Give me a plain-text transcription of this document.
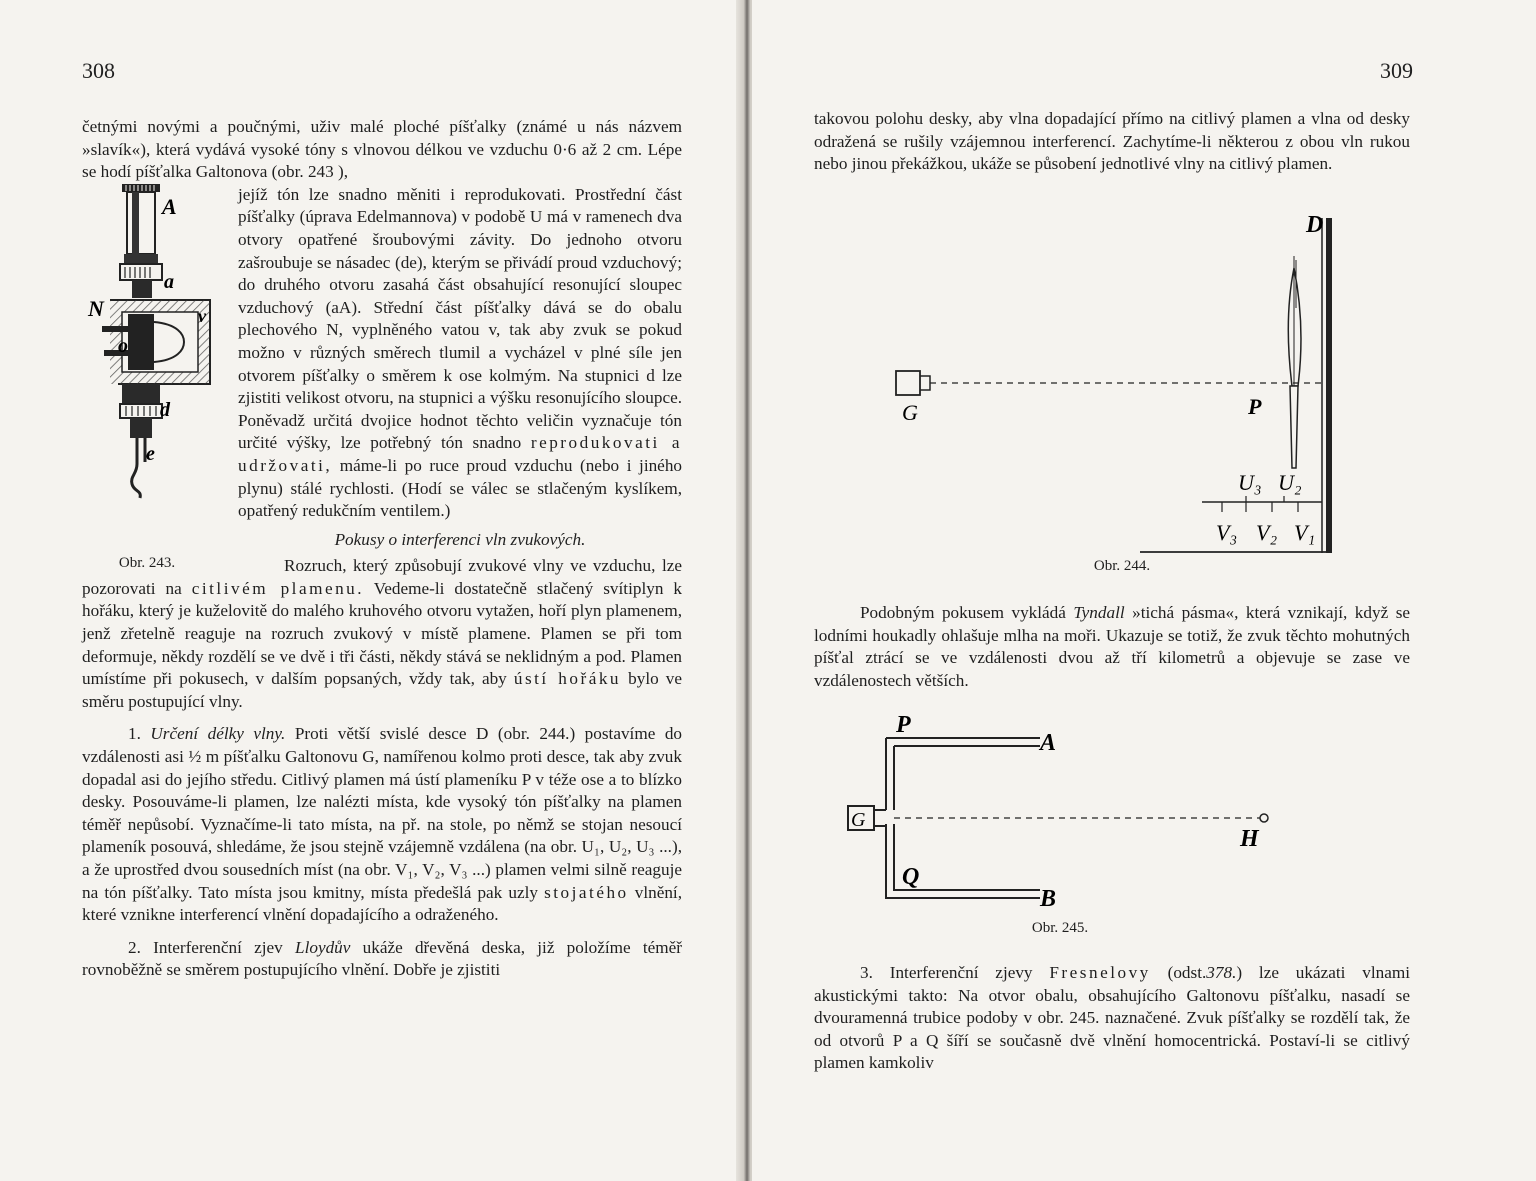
308

četnými novými a poučnými, uživ malé ploché píšťalky (známé u nás názvem »slavík«), která vydává vysoké tóny s vlnovou délkou ve vzduchu 0·6 až 2 cm. Lépe se hodí píšťalka Galtonova (obr. 243 ),

A
a
N	v
o
d
e
Obr. 243.

jejíž tón lze snadno měniti i reprodukovati. Prostřední část píšťalky (úprava Edelmannova) v podobě U má v ramenech dva otvory opatřené šroubovými závity. Do jednoho otvoru zašroubuje se násadec (de), kterým se přivádí proud vzduchový; do druhého otvoru zasahá část obsahující resonující sloupec vzduchový (aA). Střední část píšťalky dává se do obalu plechového N, vyplněného vatou v, tak aby zvuk se pokud možno v různých směrech tlumil a vycházel v plné síle jen otvorem píšťalky o směrem k ose kolmým. Na stupnici d lze zjistiti velikost otvoru, na stupnici a výšku resonujícího sloupce. Poněvadž určitá dvojice hodnot těchto veličin vyznačuje tón určité výšky, lze potřebný tón snadno reprodukovati a udržovati, máme-li po ruce proud vzduchu (nebo i jiného plynu) stálé rychlosti. (Hodí se válec se stlačeným kyslíkem, opatřený redukčním ventilem.)

Pokusy o interferenci vln zvukových.

Rozruch, který způsobují zvukové vlny ve vzduchu, lze pozorovati na citlivém plamenu. Vedeme-li dostatečně stlačený svítiplyn k hořáku, který je kuželovitě do malého kruhového otvoru vytažen, hoří plyn plamenem, jenž zřetelně reaguje na rozruch zvukový v místě plamene. Plamen se při tom deformuje, někdy rozdělí se ve dvě i tři části, někdy stává se neklidným a pod. Plamen umístíme při pokusech, v dalším popsaných, vždy tak, aby ústí hořáku bylo ve směru postupující vlny.

1. Určení délky vlny. Proti větší svislé desce D (obr. 244.) postavíme do vzdálenosti asi ½ m píšťalku Galtonovu G, namířenou kolmo proti desce, tak aby zvuk dopadal asi do jejího středu. Citlivý plamen má ústí plameníku P v téže ose a to blízko desky. Posouváme-li plamen, lze nalézti místa, kde vysoký tón píšťalky na plamen téměř nepůsobí. Vyznačíme-li tato místa, na př. na stole, po němž se stojan nesoucí plameník posouvá, shledáme, že jsou stejně vzájemně vzdálena (na obr. U₁, U₂, U₃ ...), a že uprostřed dvou sousedních míst (na obr. V₁, V₂, V₃ ...) plamen velmi silně reaguje na tón píšťalky. Tato místa jsou kmitny, místa předešlá pak uzly stojatého vlnění, které vznikne interferencí vlnění dopadajícího a odraženého.

2. Interferenční zjev Lloydův ukáže dřevěná deska, již položíme téměř rovnoběžně se směrem postupujícího vlnění. Dobře je zjistiti

309

takovou polohu desky, aby vlna dopadající přímo na citlivý plamen a vlna od desky odražená se rušily vzájemnou interferencí. Zachytíme-li některou z obou vln rukou nebo jinou překážkou, ukáže se působení jednotlivé vlny na citlivý plamen.

D
P
G
U₃ U₂
V₃ V₂ V₁
Obr. 244.

Podobným pokusem vykládá Tyndall »tichá pásma«, která vznikají, když se lodními houkadly ohlašuje mlha na moři. Ukazuje se totiž, že zvuk těchto mohutných píšťal ztrácí se ve vzdálenosti dvou až tří kilometrů a objevuje se zase ve vzdálenostech větších.

P
A
G
H
Q
B
Obr. 245.

3. Interferenční zjevy Fresnelovy (odst.378.) lze ukázati vlnami akustickými takto: Na otvor obalu, obsahujícího Galtonovu píšťalku, nasadí se dvouramenná trubice podoby v obr. 245. naznačené. Zvuk píšťalky se rozdělí tak, že od otvorů P a Q šíří se současně dvě vlnění homocentrická. Postaví-li se citlivý plamen kamkoliv
